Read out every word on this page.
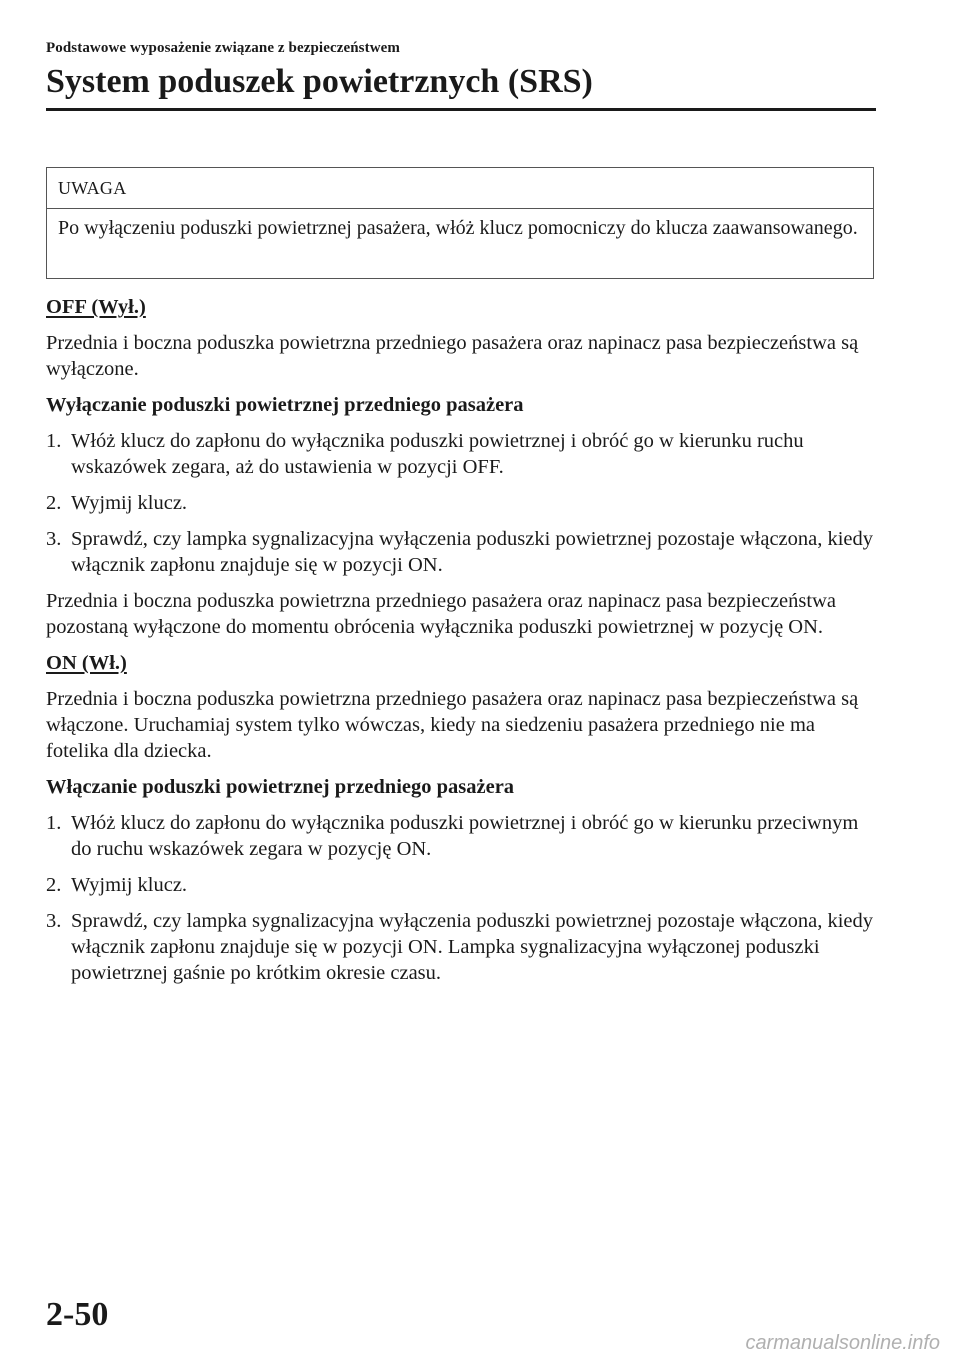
Podstawowe wyposażenie związane z bezpieczeństwem
System poduszek powietrznych (SRS)
UWAGA
Po wyłączeniu poduszki powietrznej pasażera, włóż klucz pomocniczy do klucza zaawansowanego.

OFF (Wył.)

Przednia i boczna poduszka powietrzna przedniego pasażera oraz napinacz pasa bezpieczeństwa są wyłączone.

Wyłączanie poduszki powietrznej przedniego pasażera

1. Włóż klucz do zapłonu do wyłącznika poduszki powietrznej i obróć go w kierunku ruchu wskazówek zegara, aż do ustawienia w pozycji OFF.
2. Wyjmij klucz.
3. Sprawdź, czy lampka sygnalizacyjna wyłączenia poduszki powietrznej pozostaje włączona, kiedy włącznik zapłonu znajduje się w pozycji ON.

Przednia i boczna poduszka powietrzna przedniego pasażera oraz napinacz pasa bezpieczeństwa pozostaną wyłączone do momentu obrócenia wyłącznika poduszki powietrznej w pozycję ON.

ON (Wł.)

Przednia i boczna poduszka powietrzna przedniego pasażera oraz napinacz pasa bezpieczeństwa są włączone. Uruchamiaj system tylko wówczas, kiedy na siedzeniu pasażera przedniego nie ma fotelika dla dziecka.

Włączanie poduszki powietrznej przedniego pasażera

1. Włóż klucz do zapłonu do wyłącznika poduszki powietrznej i obróć go w kierunku przeciwnym do ruchu wskazówek zegara w pozycję ON.
2. Wyjmij klucz.
3. Sprawdź, czy lampka sygnalizacyjna wyłączenia poduszki powietrznej pozostaje włączona, kiedy włącznik zapłonu znajduje się w pozycji ON. Lampka sygnalizacyjna wyłączonej poduszki powietrznej gaśnie po krótkim okresie czasu.
2-50
carmanualsonline.info
